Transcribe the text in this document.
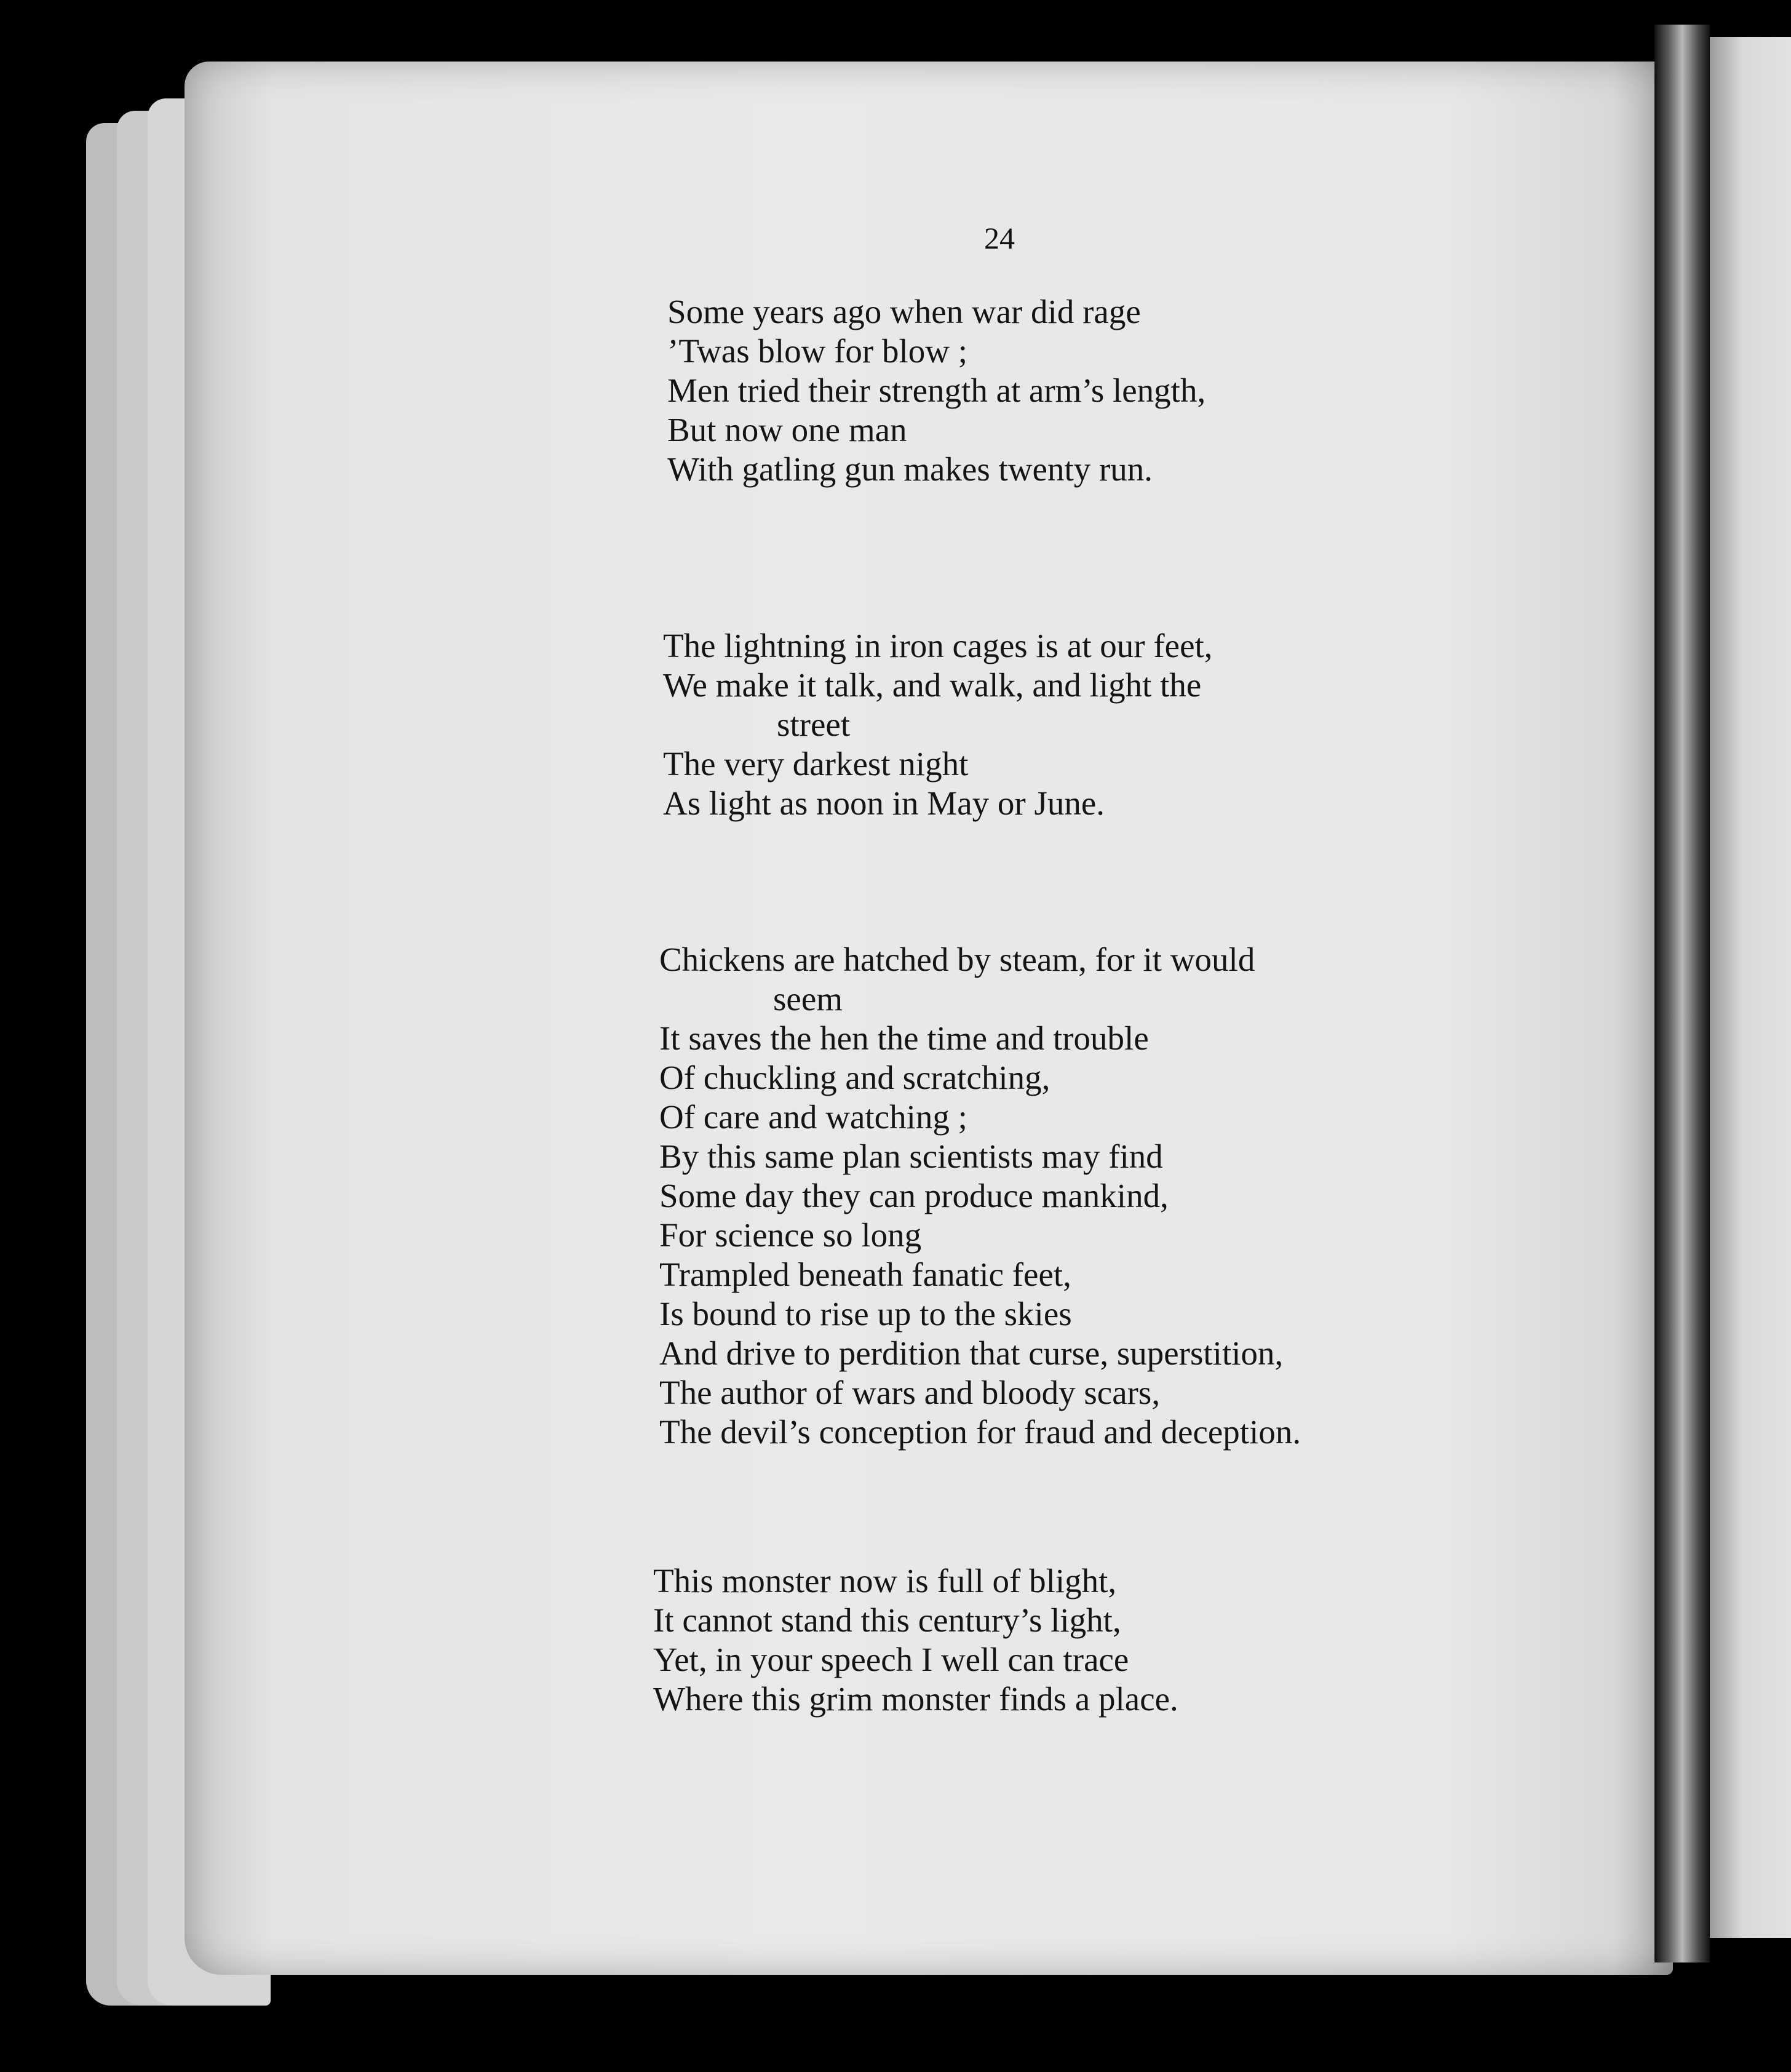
24
Some years ago when war did rage
’Twas blow for blow ;
Men tried their strength at arm’s length,
But now one man
With gatling gun makes twenty run.
The lightning in iron cages is at our feet,
We make it talk, and walk, and light the
street
The very darkest night
As light as noon in May or June.
Chickens are hatched by steam, for it would
seem
It saves the hen the time and trouble
Of chuckling and scratching,
Of care and watching ;
By this same plan scientists may find
Some day they can produce mankind,
For science so long
Trampled beneath fanatic feet,
Is bound to rise up to the skies
And drive to perdition that curse, superstition,
The author of wars and bloody scars,
The devil’s conception for fraud and deception.
This monster now is full of blight,
It cannot stand this century’s light,
Yet, in your speech I well can trace
Where this grim monster finds a place.
